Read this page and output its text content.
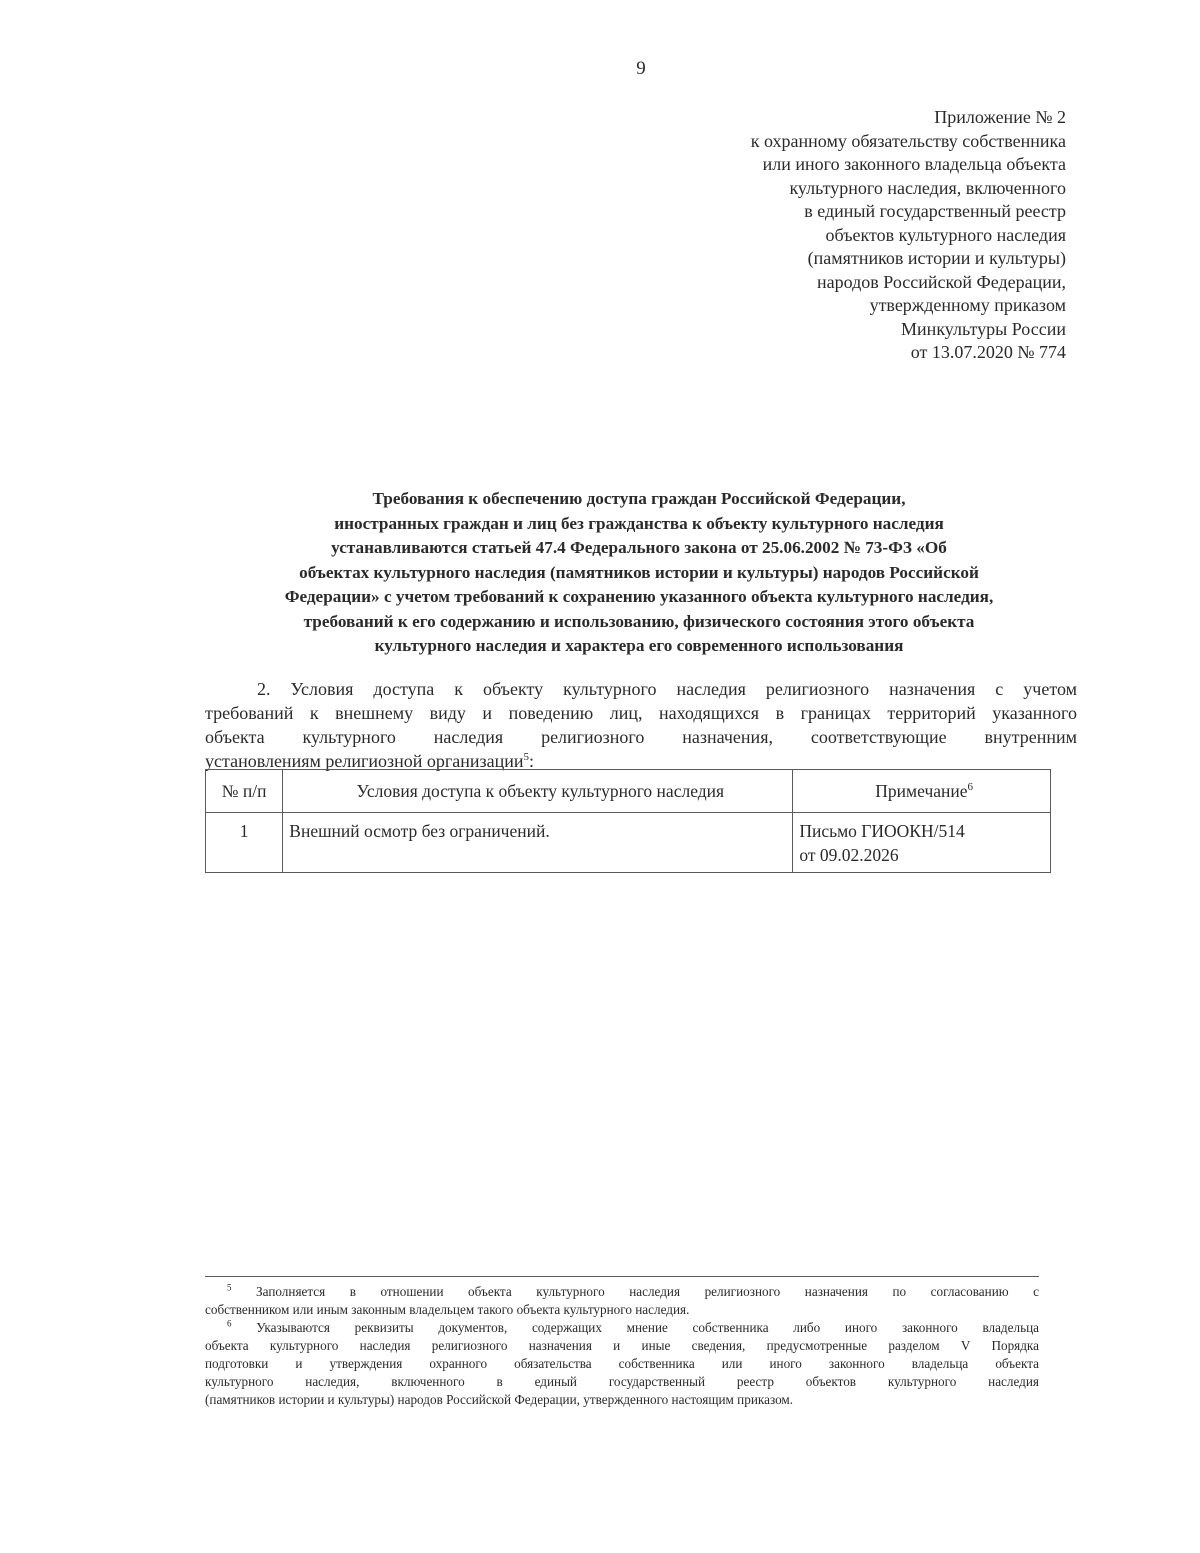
9
Приложение № 2
к охранному обязательству собственника
или иного законного владельца объекта
культурного наследия, включенного
в единый государственный реестр
объектов культурного наследия
(памятников истории и культуры)
народов Российской Федерации,
утвержденному приказом
Минкультуры России
от 13.07.2020 № 774
Требования к обеспечению доступа граждан Российской Федерации,
иностранных граждан и лиц без гражданства к объекту культурного наследия
устанавливаются статьей 47.4 Федерального закона от 25.06.2002 № 73-ФЗ «Об
объектах культурного наследия (памятников истории и культуры) народов Российской
Федерации» с учетом требований к сохранению указанного объекта культурного наследия,
требований к его содержанию и использованию, физического состояния этого объекта
культурного наследия и характера его современного использования
2. Условия доступа к объекту культурного наследия религиозного назначения с учетом
требований к внешнему виду и поведению лиц, находящихся в границах территорий указанного
объекта культурного наследия религиозного назначения, соответствующие внутренним
установлениям религиозной организации$^5$:
№ п/п	Условия доступа к объекту культурного наследия	Примечание$^6$
1	Внешний осмотр без ограничений.	Письмо ГИООКН/514
от 09.02.2026
$^5$ Заполняется в отношении объекта культурного наследия религиозного назначения по согласованию с
собственником или иным законным владельцем такого объекта культурного наследия.
$^6$ Указываются реквизиты документов, содержащих мнение собственника либо иного законного владельца
объекта культурного наследия религиозного назначения и иные сведения, предусмотренные разделом V Порядка
подготовки и утверждения охранного обязательства собственника или иного законного владельца объекта
культурного наследия, включенного в единый государственный реестр объектов культурного наследия
(памятников истории и культуры) народов Российской Федерации, утвержденного настоящим приказом.
